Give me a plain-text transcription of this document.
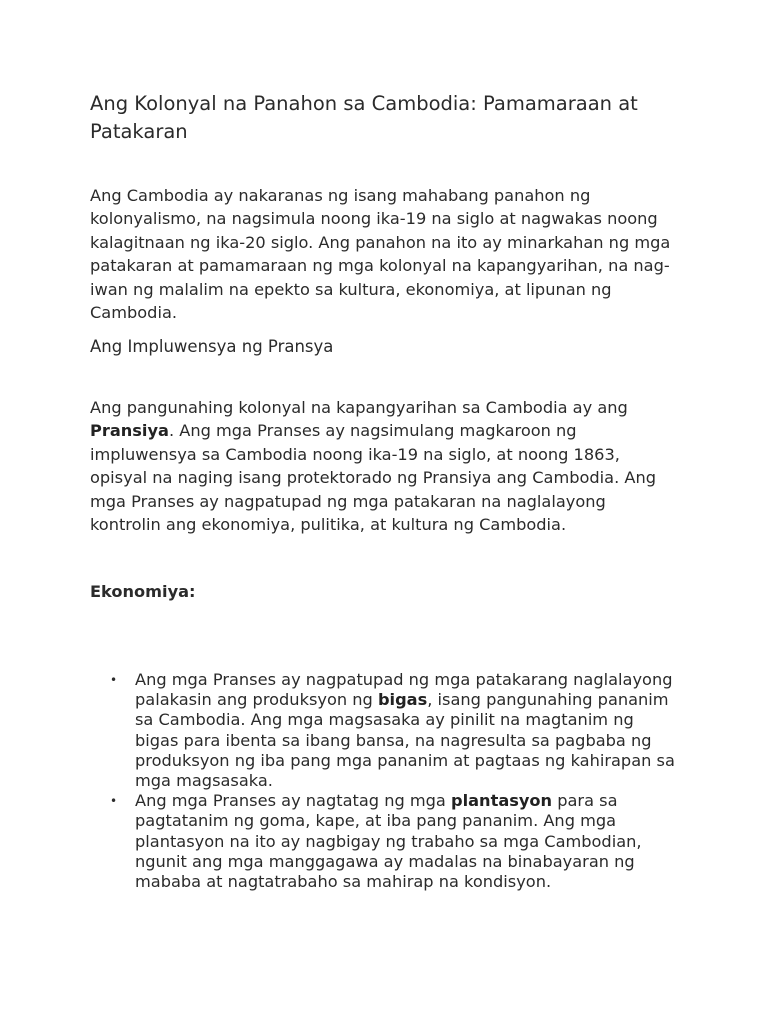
Ang Kolonyal na Panahon sa Cambodia: Pamamaraan at Patakaran

Ang Cambodia ay nakaranas ng isang mahabang panahon ng kolonyalismo, na nagsimula noong ika-19 na siglo at nagwakas noong kalagitnaan ng ika-20 siglo. Ang panahon na ito ay minarkahan ng mga patakaran at pamamaraan ng mga kolonyal na kapangyarihan, na nag-iwan ng malalim na epekto sa kultura, ekonomiya, at lipunan ng Cambodia.

Ang Impluwensya ng Pransya

Ang pangunahing kolonyal na kapangyarihan sa Cambodia ay ang Pransiya. Ang mga Pranses ay nagsimulang magkaroon ng impluwensya sa Cambodia noong ika-19 na siglo, at noong 1863, opisyal na naging isang protektorado ng Pransiya ang Cambodia. Ang mga Pranses ay nagpatupad ng mga patakaran na naglalayong kontrolin ang ekonomiya, pulitika, at kultura ng Cambodia.

Ekonomiya:

• Ang mga Pranses ay nagpatupad ng mga patakarang naglalayong palakasin ang produksyon ng bigas, isang pangunahing pananim sa Cambodia. Ang mga magsasaka ay pinilit na magtanim ng bigas para ibenta sa ibang bansa, na nagresulta sa pagbaba ng produksyon ng iba pang mga pananim at pagtaas ng kahirapan sa mga magsasaka.
• Ang mga Pranses ay nagtatag ng mga plantasyon para sa pagtatanim ng goma, kape, at iba pang pananim. Ang mga plantasyon na ito ay nagbigay ng trabaho sa mga Cambodian, ngunit ang mga manggagawa ay madalas na binabayaran ng mababa at nagtatrabaho sa mahirap na kondisyon.
